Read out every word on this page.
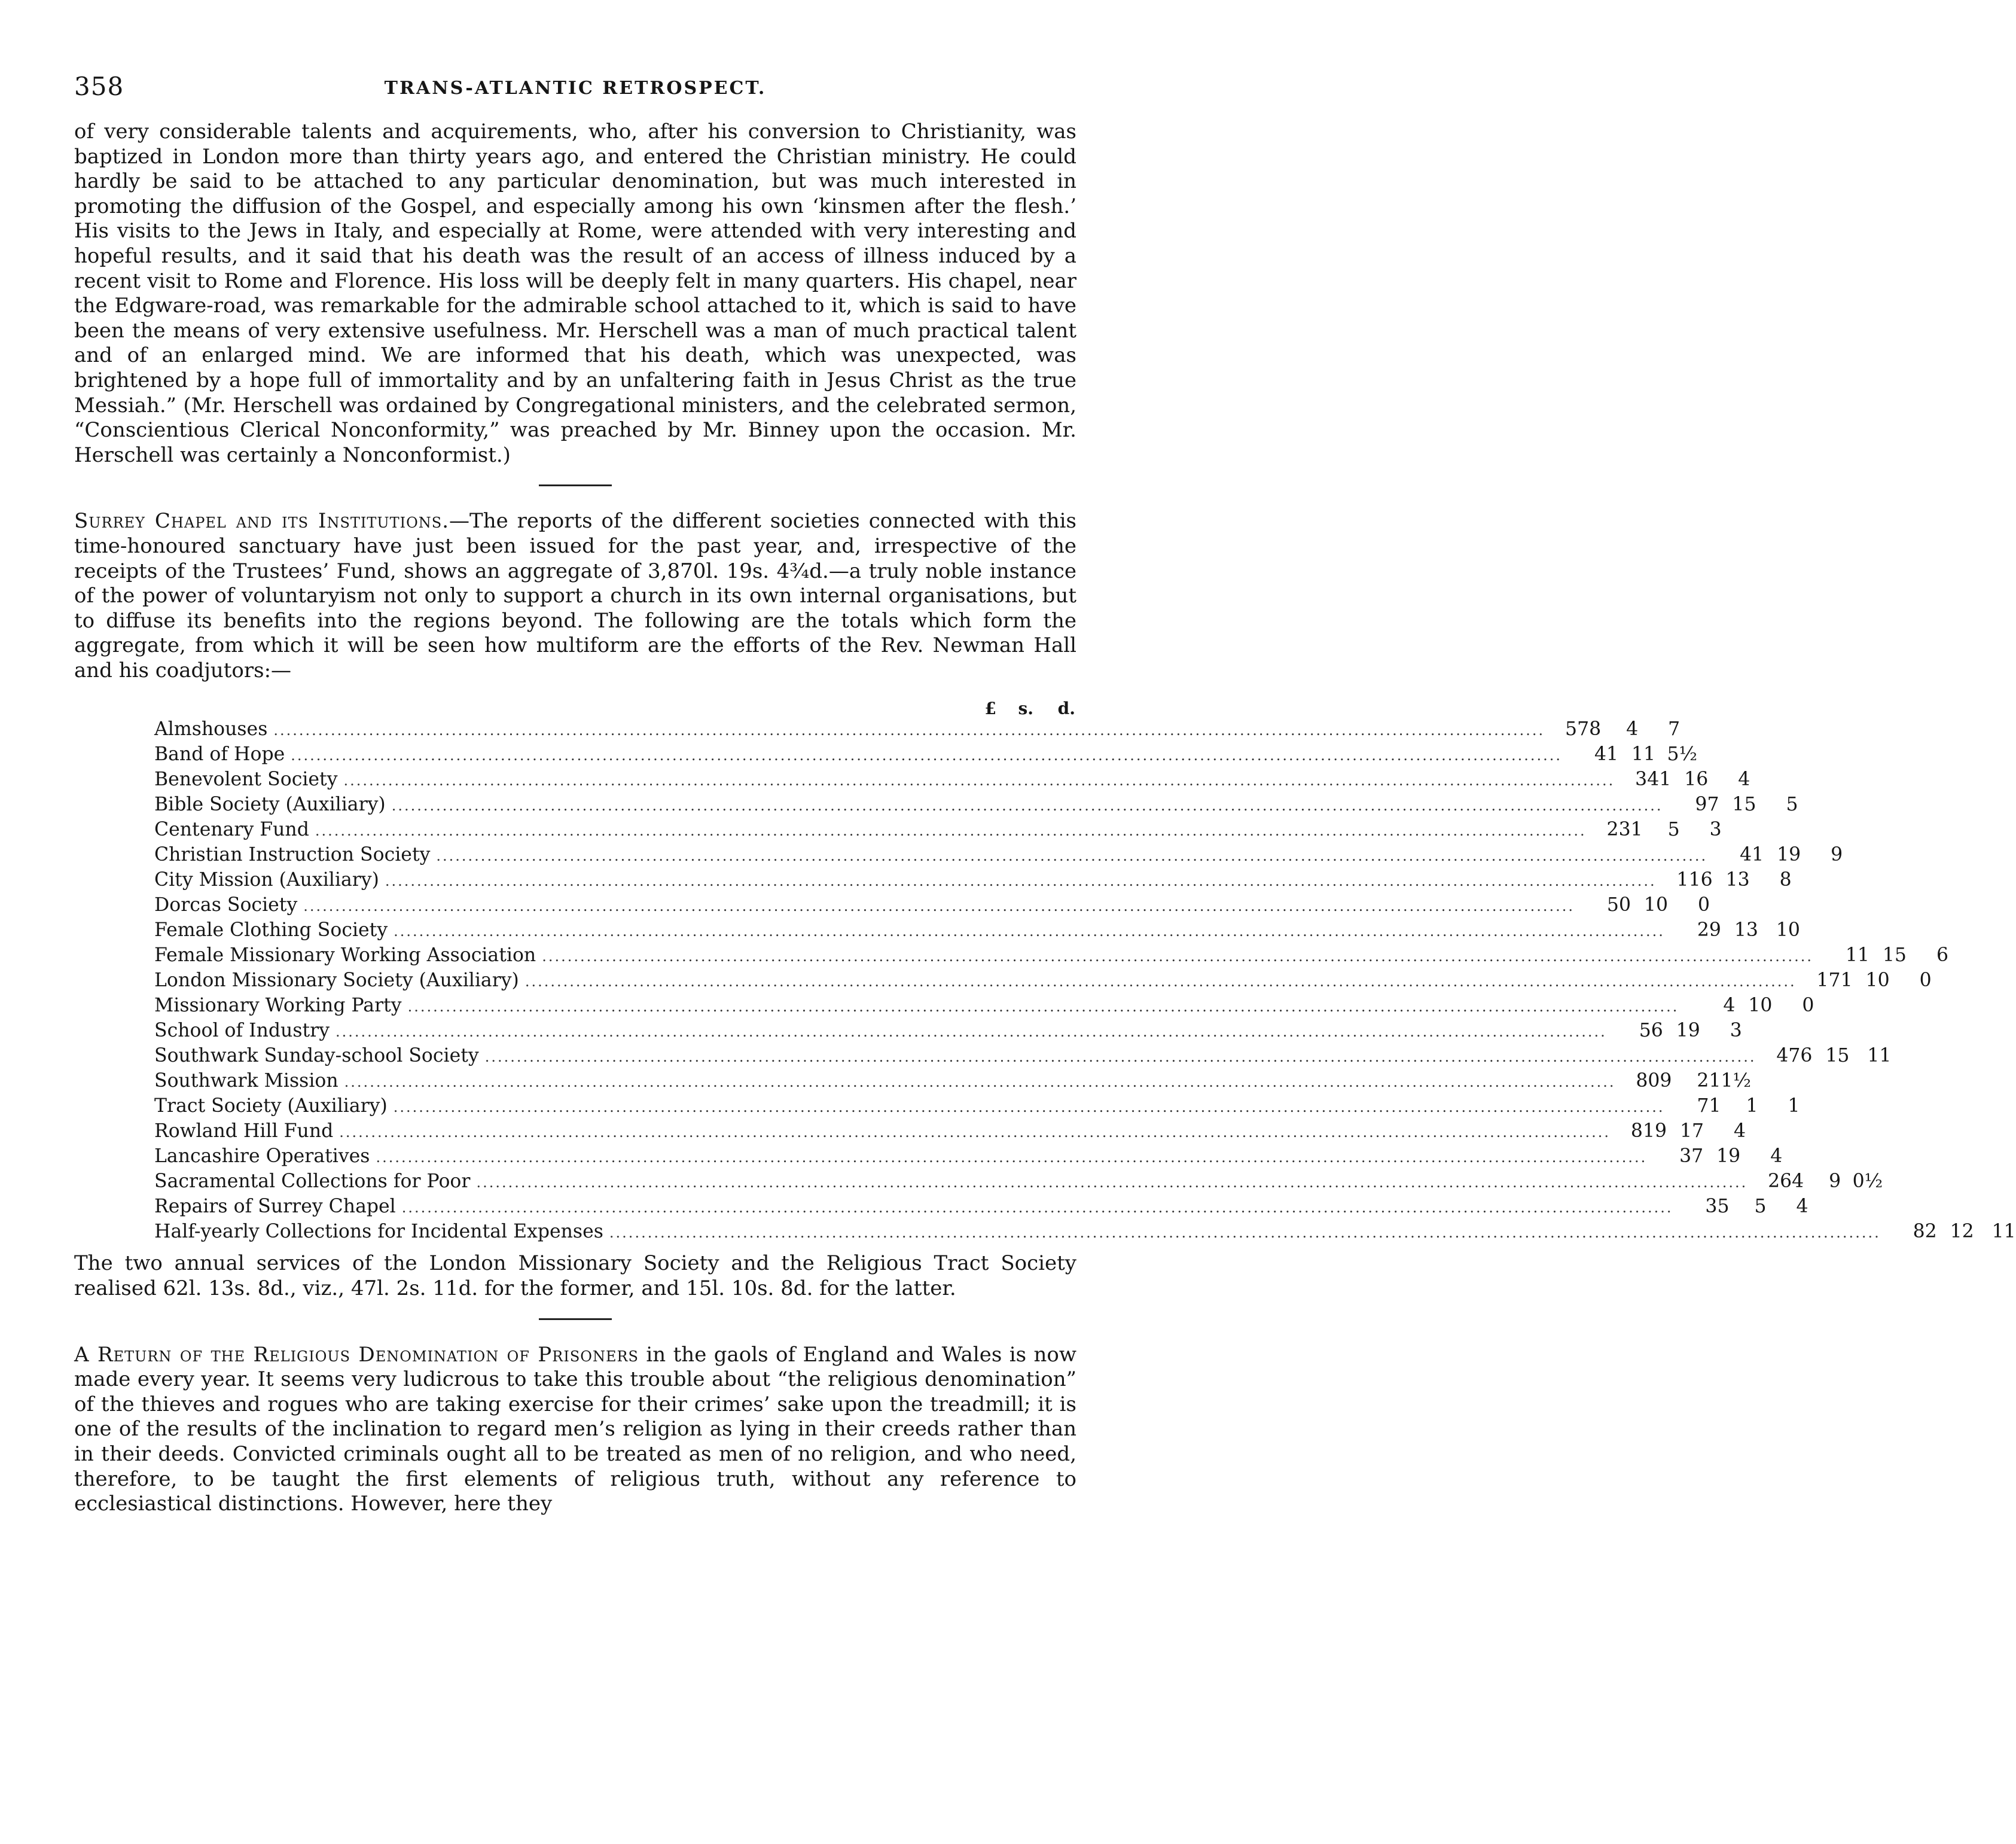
358	TRANS-ATLANTIC RETROSPECT.

of very considerable talents and acquirements, who, after his conversion to Christianity, was baptized in London more than thirty years ago, and entered the Christian ministry. He could hardly be said to be attached to any particular denomination, but was much interested in promoting the diffusion of the Gospel, and especially among his own ‘kinsmen after the flesh.’ His visits to the Jews in Italy, and especially at Rome, were attended with very interesting and hopeful results, and it said that his death was the result of an access of illness induced by a recent visit to Rome and Florence. His loss will be deeply felt in many quarters. His chapel, near the Edgware-road, was remarkable for the admirable school attached to it, which is said to have been the means of very extensive usefulness. Mr. Herschell was a man of much practical talent and of an enlarged mind. We are informed that his death, which was unexpected, was brightened by a hope full of immortality and by an unfaltering faith in Jesus Christ as the true Messiah.” (Mr. Herschell was ordained by Congregational ministers, and the celebrated sermon, “Conscientious Clerical Nonconformity,” was preached by Mr. Binney upon the occasion. Mr. Herschell was certainly a Nonconformist.)

Surrey Chapel and its Institutions.—The reports of the different societies connected with this time-honoured sanctuary have just been issued for the past year, and, irrespective of the receipts of the Trustees’ Fund, shows an aggregate of 3,870l. 19s. 4¾d.—a truly noble instance of the power of voluntaryism not only to support a church in its own internal organisations, but to diffuse its benefits into the regions beyond. The following are the totals which form the aggregate, from which it will be seen how multiform are the efforts of the Rev. Newman Hall and his coadjutors:—

£	s.	d.
Almshouses ........................................................................................................................................................................................................	578	4	7
Band of Hope ........................................................................................................................................................................................................	41 11 5½
Benevolent Society ........................................................................................................................................................................................................	341 16	4
Bible Society (Auxiliary) ........................................................................................................................................................................................................	97 15	5
Centenary Fund ........................................................................................................................................................................................................	231	5	3
Christian Instruction Society ........................................................................................................................................................................................................	41 19	9
City Mission (Auxiliary) ........................................................................................................................................................................................................	116 13	8
Dorcas Society ........................................................................................................................................................................................................	50 10	0
Female Clothing Society ........................................................................................................................................................................................................	29 13 10
Female Missionary Working Association ........................................................................................................................................................................................................	11 15	6
London Missionary Society (Auxiliary) ........................................................................................................................................................................................................	171 10	0
Missionary Working Party ........................................................................................................................................................................................................	4 10	0
School of Industry ........................................................................................................................................................................................................	56 19	3
Southwark Sunday-school Society ........................................................................................................................................................................................................	476 15 11
Southwark Mission ........................................................................................................................................................................................................	809	2 11½
Tract Society (Auxiliary) ........................................................................................................................................................................................................	71	1	1
Rowland Hill Fund ........................................................................................................................................................................................................	819 17	4
Lancashire Operatives ........................................................................................................................................................................................................	37 19	4
Sacramental Collections for Poor ........................................................................................................................................................................................................	264	9 0½
Repairs of Surrey Chapel ........................................................................................................................................................................................................	35	5	4
Half-yearly Collections for Incidental Expenses ........................................................................................................................................................................................................	82 12 11

The two annual services of the London Missionary Society and the Religious Tract Society realised 62l. 13s. 8d., viz., 47l. 2s. 11d. for the former, and 15l. 10s. 8d. for the latter.

A Return of the Religious Denomination of Prisoners in the gaols of England and Wales is now made every year. It seems very ludicrous to take this trouble about “the religious denomination” of the thieves and rogues who are taking exercise for their crimes’ sake upon the treadmill; it is one of the results of the inclination to regard men’s religion as lying in their creeds rather than in their deeds. Convicted criminals ought all to be treated as men of no religion, and who need, therefore, to be taught the first elements of religious truth, without any reference to ecclesiastical distinctions. However, here they
